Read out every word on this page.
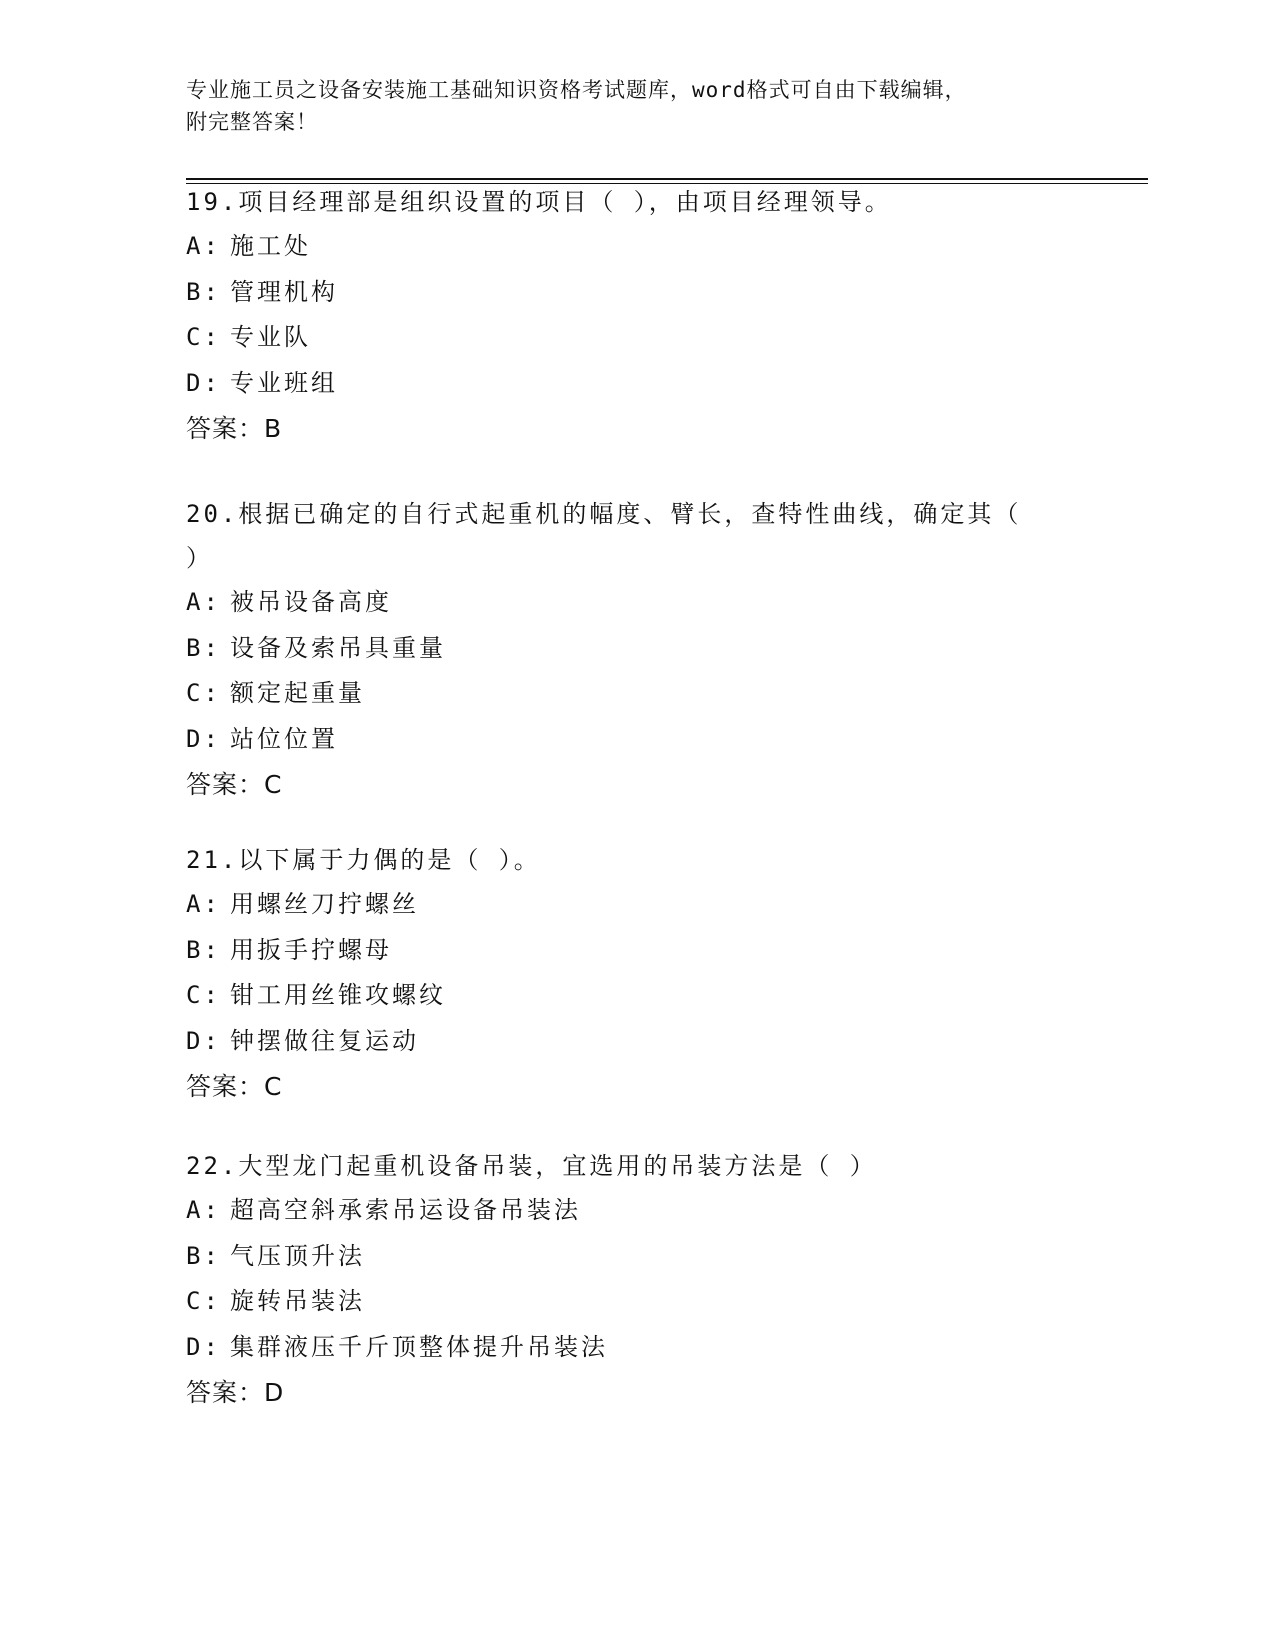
专业施工员之设备安装施工基础知识资格考试题库，word格式可自由下载编辑，
附完整答案！

19.项目经理部是组织设置的项目（ ），由项目经理领导。

A: 施工处

B: 管理机构

C: 专业队

D: 专业班组

答案：B

20.根据已确定的自行式起重机的幅度、臂长，查特性曲线，确定其（

）

A: 被吊设备高度

B: 设备及索吊具重量

C: 额定起重量

D: 站位位置

答案：C

21.以下属于力偶的是（ ）。

A: 用螺丝刀拧螺丝

B: 用扳手拧螺母

C: 钳工用丝锥攻螺纹

D: 钟摆做往复运动

答案：C

22.大型龙门起重机设备吊装，宜选用的吊装方法是（ ）

A: 超高空斜承索吊运设备吊装法

B: 气压顶升法

C: 旋转吊装法

D: 集群液压千斤顶整体提升吊装法

答案：D
